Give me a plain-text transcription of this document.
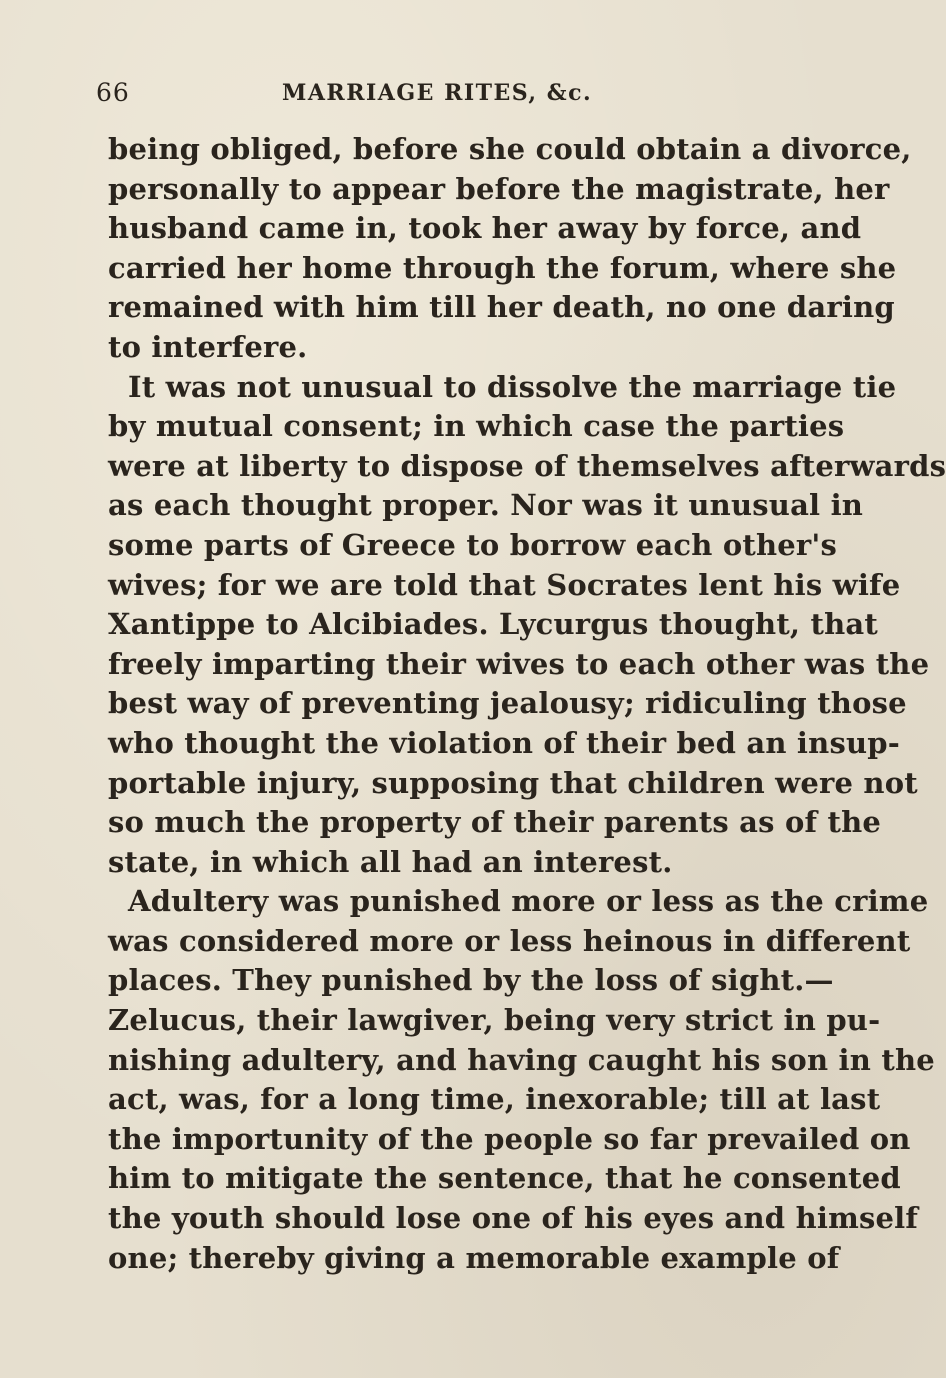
66	MARRIAGE RITES, &c.
being obliged, before she could obtain a divorce,
personally to appear before the magistrate, her
husband came in, took her away by force, and
carried her home through the forum, where she
remained with him till her death, no one daring
to interfere.
It was not unusual to dissolve the marriage tie
by mutual consent; in which case the parties
were at liberty to dispose of themselves afterwards
as each thought proper. Nor was it unusual in
some parts of Greece to borrow each other's
wives; for we are told that Socrates lent his wife
Xantippe to Alcibiades. Lycurgus thought, that
freely imparting their wives to each other was the
best way of preventing jealousy; ridiculing those
who thought the violation of their bed an insup-
portable injury, supposing that children were not
so much the property of their parents as of the
state, in which all had an interest.
Adultery was punished more or less as the crime
was considered more or less heinous in different
places. They punished by the loss of sight.—
Zelucus, their lawgiver, being very strict in pu-
nishing adultery, and having caught his son in the
act, was, for a long time, inexorable; till at last
the importunity of the people so far prevailed on
him to mitigate the sentence, that he consented
the youth should lose one of his eyes and himself
one; thereby giving a memorable example of
